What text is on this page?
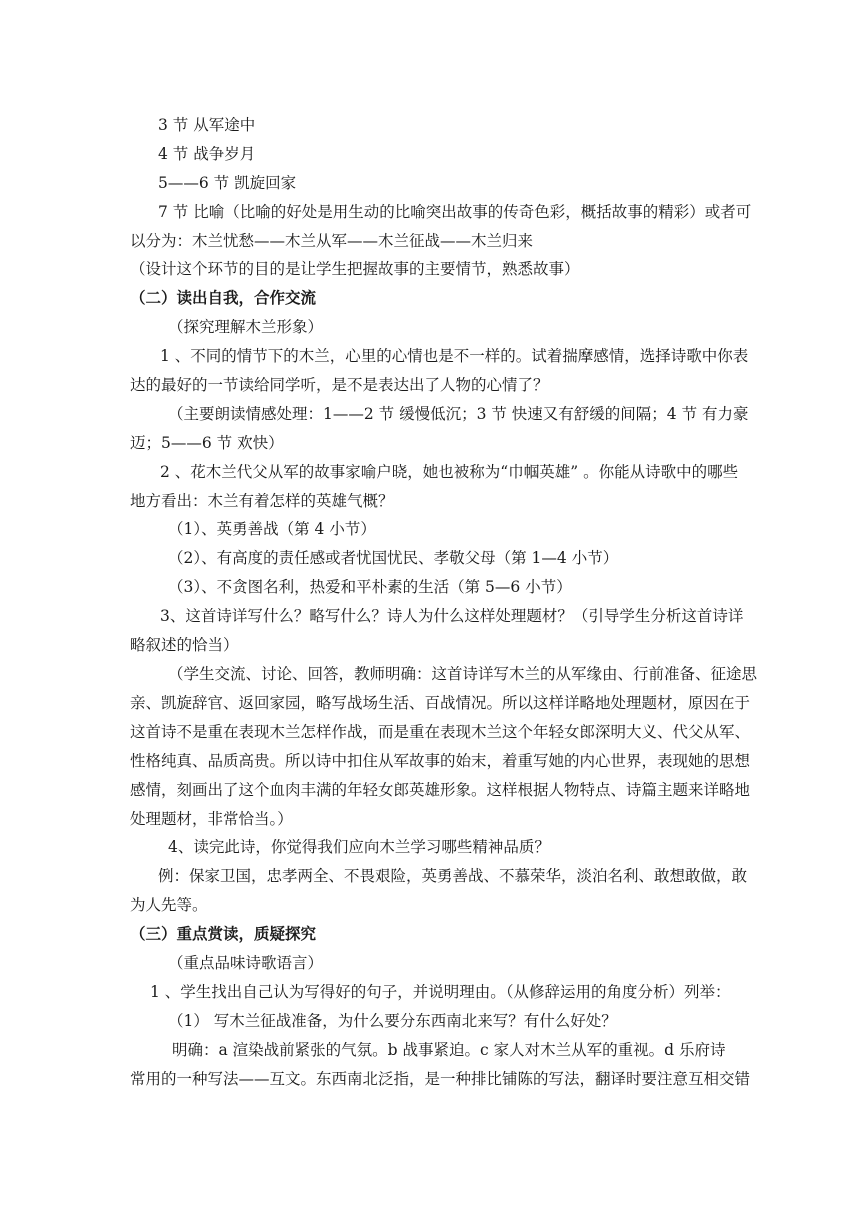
3 节 从军途中
4 节 战争岁月
5——6 节 凯旋回家
7 节 比喻（比喻的好处是用生动的比喻突出故事的传奇色彩，概括故事的精彩）或者可
以分为：木兰忧愁——木兰从军——木兰征战——木兰归来
（设计这个环节的目的是让学生把握故事的主要情节，熟悉故事）
（二）读出自我，合作交流
（探究理解木兰形象）
1 、不同的情节下的木兰，心里的心情也是不一样的。试着揣摩感情，选择诗歌中你表
达的最好的一节读给同学听，是不是表达出了人物的心情了？
（主要朗读情感处理：1——2 节 缓慢低沉；3 节 快速又有舒缓的间隔；4 节 有力豪
迈；5——6 节 欢快）
2 、花木兰代父从军的故事家喻户晓，她也被称为“巾帼英雄” 。你能从诗歌中的哪些
地方看出：木兰有着怎样的英雄气概？
（1）、英勇善战（第 4 小节）
（2）、有高度的责任感或者忧国忧民、孝敬父母（第 1—4 小节）
（3）、不贪图名利，热爱和平朴素的生活（第 5—6 小节）
3、这首诗详写什么？略写什么？诗人为什么这样处理题材？（引导学生分析这首诗详
略叙述的恰当）
（学生交流、讨论、回答，教师明确：这首诗详写木兰的从军缘由、行前准备、征途思
亲、凯旋辞官、返回家园，略写战场生活、百战情况。所以这样详略地处理题材，原因在于
这首诗不是重在表现木兰怎样作战，而是重在表现木兰这个年轻女郎深明大义、代父从军、
性格纯真、品质高贵。所以诗中扣住从军故事的始末，着重写她的内心世界，表现她的思想
感情，刻画出了这个血肉丰满的年轻女郎英雄形象。这样根据人物特点、诗篇主题来详略地
处理题材，非常恰当。）
4、读完此诗，你觉得我们应向木兰学习哪些精神品质？
例：保家卫国，忠孝两全、不畏艰险，英勇善战、不慕荣华，淡泊名利、敢想敢做，敢
为人先等。
（三）重点赏读，质疑探究
（重点品味诗歌语言）
1 、学生找出自己认为写得好的句子，并说明理由。（从修辞运用的角度分析）列举：
（1） 写木兰征战准备，为什么要分东西南北来写？有什么好处？
明确：a 渲染战前紧张的气氛。b 战事紧迫。c 家人对木兰从军的重视。d 乐府诗
常用的一种写法——互文。东西南北泛指，是一种排比铺陈的写法，翻译时要注意互相交错
